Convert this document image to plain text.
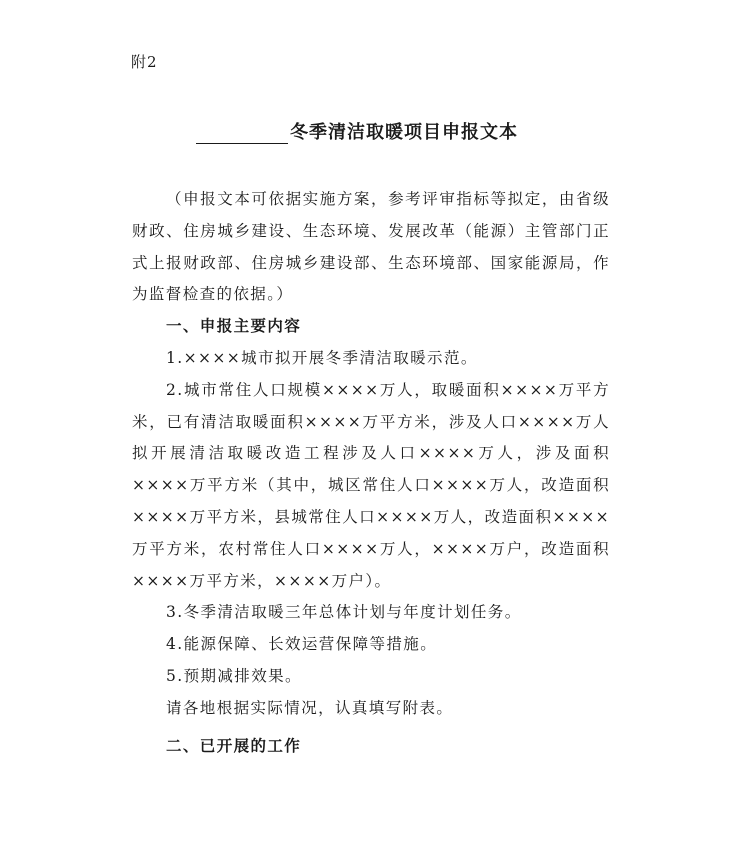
附2
冬季清洁取暖项目申报文本

（申报文本可依据实施方案，参考评审指标等拟定，由省级财政、住房城乡建设、生态环境、发展改革（能源）主管部门正式上报财政部、住房城乡建设部、生态环境部、国家能源局，作为监督检查的依据。）

一、申报主要内容

1.××××城市拟开展冬季清洁取暖示范。

2.城市常住人口规模××××万人，取暖面积××××万平方米，已有清洁取暖面积××××万平方米，涉及人口××××万人拟开展清洁取暖改造工程涉及人口××××万人，涉及面积××××万平方米（其中，城区常住人口××××万人，改造面积××××万平方米，县城常住人口××××万人，改造面积××××万平方米，农村常住人口××××万人，××××万户，改造面积××××万平方米，××××万户）。

3.冬季清洁取暖三年总体计划与年度计划任务。

4.能源保障、长效运营保障等措施。

5.预期减排效果。

请各地根据实际情况，认真填写附表。

二、已开展的工作
